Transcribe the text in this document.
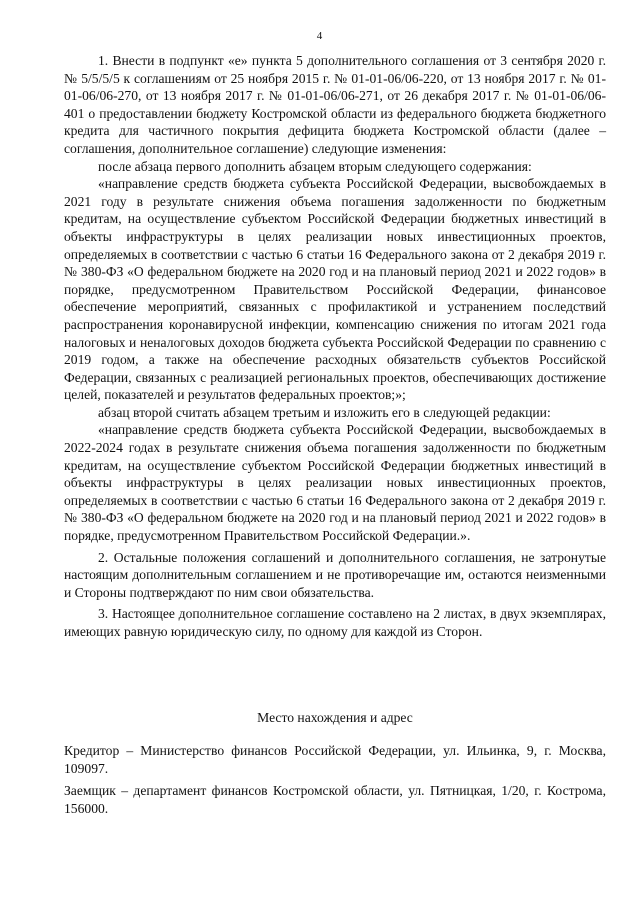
4

1. Внести в подпункт «е» пункта 5 дополнительного соглашения от 3 сентября 2020 г. № 5/5/5/5 к соглашениям от 25 ноября 2015 г. № 01-01-06/06-220, от 13 ноября 2017 г. № 01-01-06/06-270, от 13 ноября 2017 г. № 01-01-06/06-271, от 26 декабря 2017 г. № 01-01-06/06-401 о предоставлении бюджету Костромской области из федерального бюджета бюджетного кредита для частичного покрытия дефицита бюджета Костромской области (далее – соглашения, дополнительное соглашение) следующие изменения:

после абзаца первого дополнить абзацем вторым следующего содержания:

«направление средств бюджета субъекта Российской Федерации, высвобождаемых в 2021 году в результате снижения объема погашения задолженности по бюджетным кредитам, на осуществление субъектом Российской Федерации бюджетных инвестиций в объекты инфраструктуры в целях реализации новых инвестиционных проектов, определяемых в соответствии с частью 6 статьи 16 Федерального закона от 2 декабря 2019 г. № 380-ФЗ «О федеральном бюджете на 2020 год и на плановый период 2021 и 2022 годов» в порядке, предусмотренном Правительством Российской Федерации, финансовое обеспечение мероприятий, связанных с профилактикой и устранением последствий распространения коронавирусной инфекции, компенсацию снижения по итогам 2021 года налоговых и неналоговых доходов бюджета субъекта Российской Федерации по сравнению с 2019 годом, а также на обеспечение расходных обязательств субъектов Российской Федерации, связанных с реализацией региональных проектов, обеспечивающих достижение целей, показателей и результатов федеральных проектов;»;

абзац второй считать абзацем третьим и изложить его в следующей редакции:

«направление средств бюджета субъекта Российской Федерации, высвобождаемых в 2022-2024 годах в результате снижения объема погашения задолженности по бюджетным кредитам, на осуществление субъектом Российской Федерации бюджетных инвестиций в объекты инфраструктуры в целях реализации новых инвестиционных проектов, определяемых в соответствии с частью 6 статьи 16 Федерального закона от 2 декабря 2019 г. № 380-ФЗ «О федеральном бюджете на 2020 год и на плановый период 2021 и 2022 годов» в порядке, предусмотренном Правительством Российской Федерации.».

2. Остальные положения соглашений и дополнительного соглашения, не затронутые настоящим дополнительным соглашением и не противоречащие им, остаются неизменными и Стороны подтверждают по ним свои обязательства.

3. Настоящее дополнительное соглашение составлено на 2 листах, в двух экземплярах, имеющих равную юридическую силу, по одному для каждой из Сторон.

Место нахождения и адрес

Кредитор – Министерство финансов Российской Федерации, ул. Ильинка, 9, г. Москва, 109097.

Заемщик – департамент финансов Костромской области, ул. Пятницкая, 1/20, г. Кострома, 156000.
